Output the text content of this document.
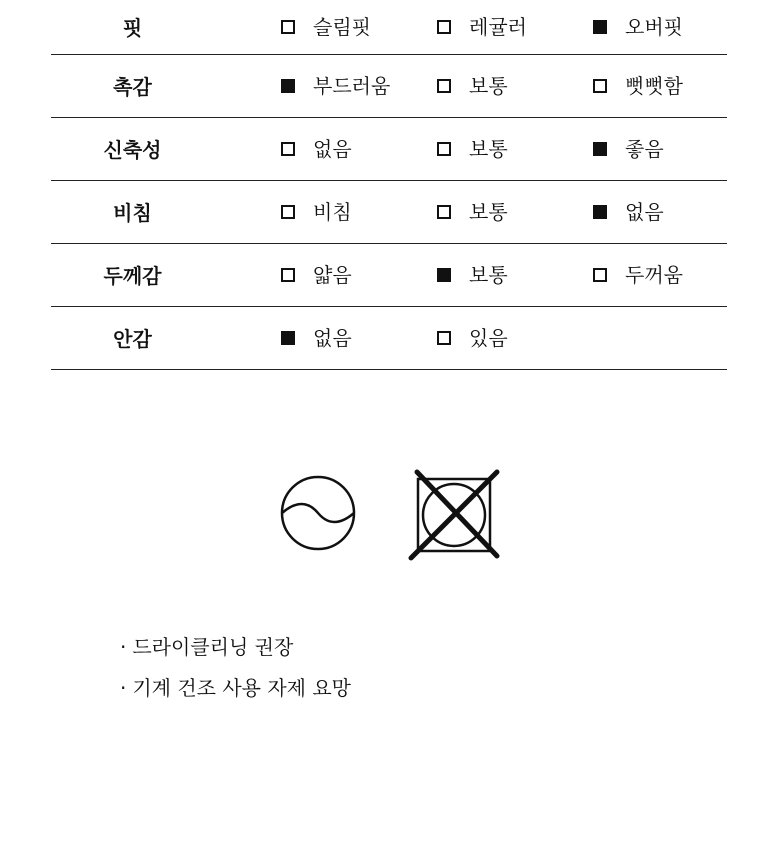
핏	슬림핏	레귤러	오버핏
촉감	부드러움	보통	뻣뻣함
신축성	없음	보통	좋음
비침	비침	보통	없음
두께감	얇음	보통	두꺼움
안감	없음	있음
· 드라이클리닝 권장
· 기계 건조 사용 자제 요망
